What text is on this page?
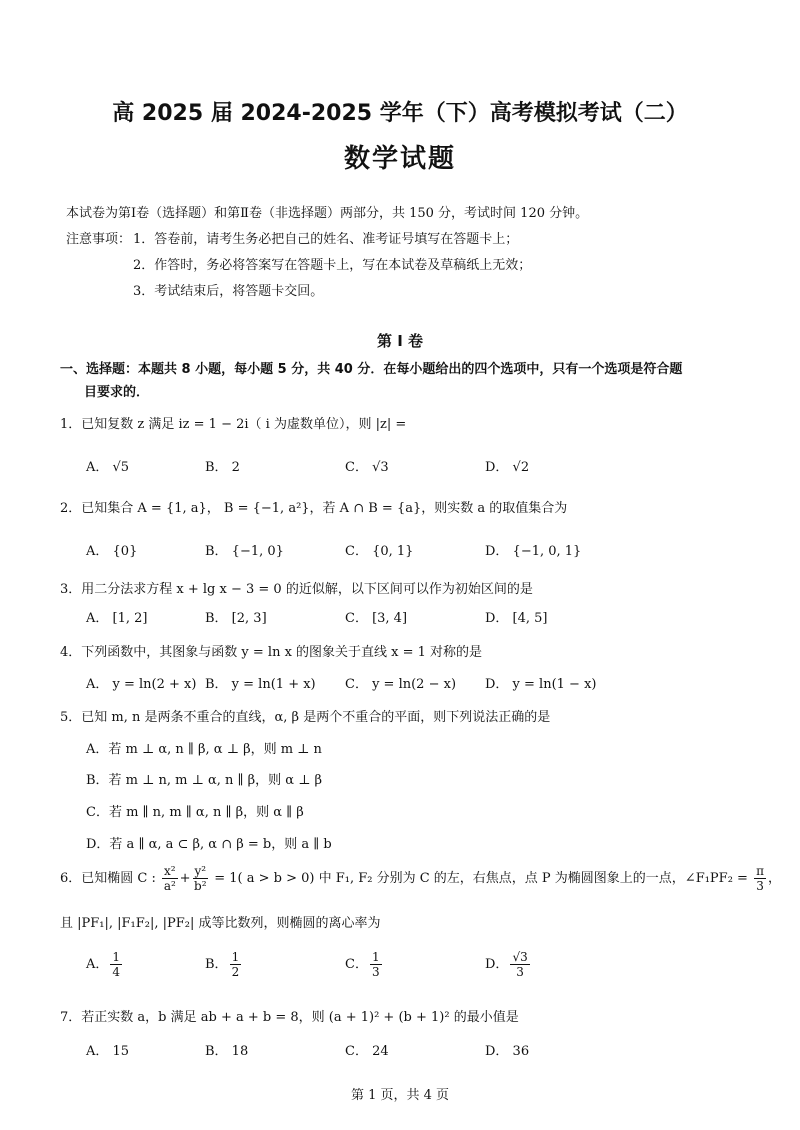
高 2025 届 2024-2025 学年（下）高考模拟考试（二）
数学试题
本试卷为第Ⅰ卷（选择题）和第Ⅱ卷（非选择题）两部分，共 150 分，考试时间 120 分钟。
注意事项： 1．答卷前，请考生务必把自己的姓名、准考证号填写在答题卡上；
2．作答时，务必将答案写在答题卡上，写在本试卷及草稿纸上无效；
3．考试结束后，将答题卡交回。
第 Ⅰ 卷
一、选择题：本题共 8 小题，每小题 5 分，共 40 分．在每小题给出的四个选项中，只有一个选项是符合题
目要求的．
1．已知复数 z 满足 iz = 1 − 2i（ i 为虚数单位），则 |z| =
A． √5	B． 2	C． √3	D． √2
2．已知集合 A = {1, a}， B = {−1, a²}，若 A ∩ B = {a}，则实数 a 的取值集合为
A． {0}	B． {−1, 0}	C． {0, 1}	D． {−1, 0, 1}
3．用二分法求方程 x + lg x − 3 = 0 的近似解，以下区间可以作为初始区间的是
A． [1, 2]	B． [2, 3]	C． [3, 4]	D． [4, 5]
4．下列函数中，其图象与函数 y = ln x 的图象关于直线 x = 1 对称的是
A． y = ln(2 + x) B． y = ln(1 + x) C． y = ln(2 − x) D． y = ln(1 − x)
5．已知 m, n 是两条不重合的直线，α, β 是两个不重合的平面，则下列说法正确的是
A．若 m ⊥ α, n ∥ β, α ⊥ β，则 m ⊥ n
B．若 m ⊥ n, m ⊥ α, n ∥ β，则 α ⊥ β
C．若 m ∥ n, m ∥ α, n ∥ β，则 α ∥ β
D．若 a ∥ α, a ⊂ β, α ∩ β = b，则 a ∥ b
6．已知椭圆 C : $\frac{\text{x²}}{\text{a²}} + \frac{\text{y²}}{\text{b²}} = 1$( a > b > 0) 中 F₁, F₂ 分别为 C 的左，右焦点，点 P 为椭圆图象上的一点，∠F₁PF₂ = $\frac{\pi}{3}$ ，
且 |PF₁|, |F₁F₂|, |PF₂| 成等比数列，则椭圆的离心率为
A． $\frac{1}{4}$	B． $\frac{1}{2}$	C． $\frac{1}{3}$	D． $\frac{√3}{3}$
7．若正实数 a，b 满足 ab + a + b = 8，则 (a + 1)² + (b + 1)² 的最小值是
A． 15	B． 18	C． 24	D． 36
第 1 页，共 4 页
